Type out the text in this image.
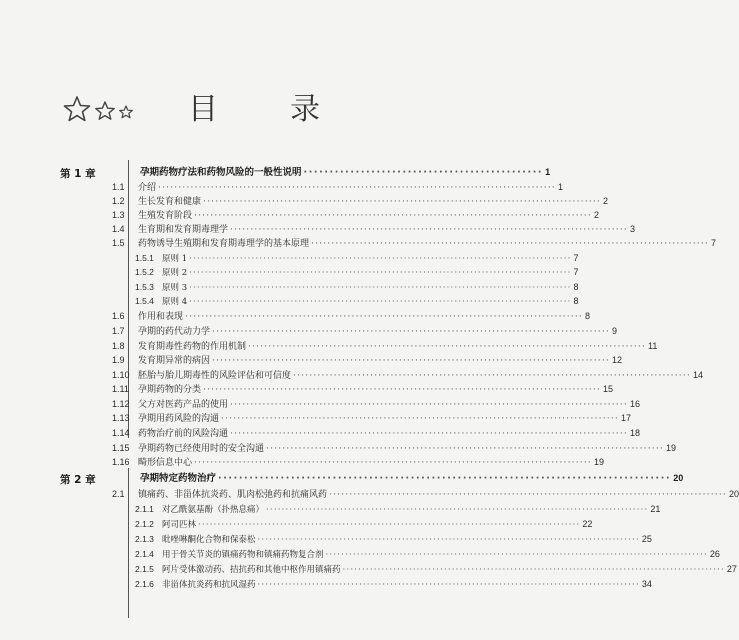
目 录
第 1 章	孕期药物疗法和药物风险的一般性说明 ·············································· 1
1.1	介绍 ·································································································· 1
1.2	生长发育和健康 ·································································································· 2
1.3	生殖发育阶段 ·································································································· 2
1.4	生育期和发育期毒理学 ·································································································· 3
1.5	药物诱导生殖期和发育期毒理学的基本原理 ·································································································· 7
1.5.1 原则 1 ·································································································· 7
1.5.2 原则 2 ·································································································· 7
1.5.3 原则 3 ·································································································· 8
1.5.4 原则 4 ·································································································· 8
1.6	作用和表现 ·································································································· 8
1.7	孕期的药代动力学 ·································································································· 9
1.8	发育期毒性药物的作用机制 ·································································································· 11
1.9	发育期异常的病因 ·································································································· 12
1.10 胚胎与胎儿期毒性的风险评估和可信度 ·································································································· 14
1.11	孕期药物的分类 ·································································································· 15
1.12 父方对医药产品的使用 ·································································································· 16
1.13 孕期用药风险的沟通 ·································································································· 17
1.14 药物治疗前的风险沟通 ·································································································· 18
1.15 孕期药物已经使用时的安全沟通 ·································································································· 19
1.16 畸形信息中心 ·································································································· 19
第 2 章	孕期特定药物治疗 ······················································································· 20
2.1	镇痛药、非甾体抗炎药、肌肉松弛药和抗痛风药 ·································································································· 20
2.1.1 对乙酰氨基酚（扑热息痛） ·································································································· 21
2.1.2 阿司匹林 ·································································································· 22
2.1.3 吡唑啉酮化合物和保泰松 ·································································································· 25
2.1.4 用于骨关节炎的镇痛药物和镇痛药物复合剂 ·································································································· 26
2.1.5 阿片受体激动药、拮抗药和其他中枢作用镇痛药 ·································································································· 27
2.1.6 非甾体抗炎药和抗风湿药 ·································································································· 34
